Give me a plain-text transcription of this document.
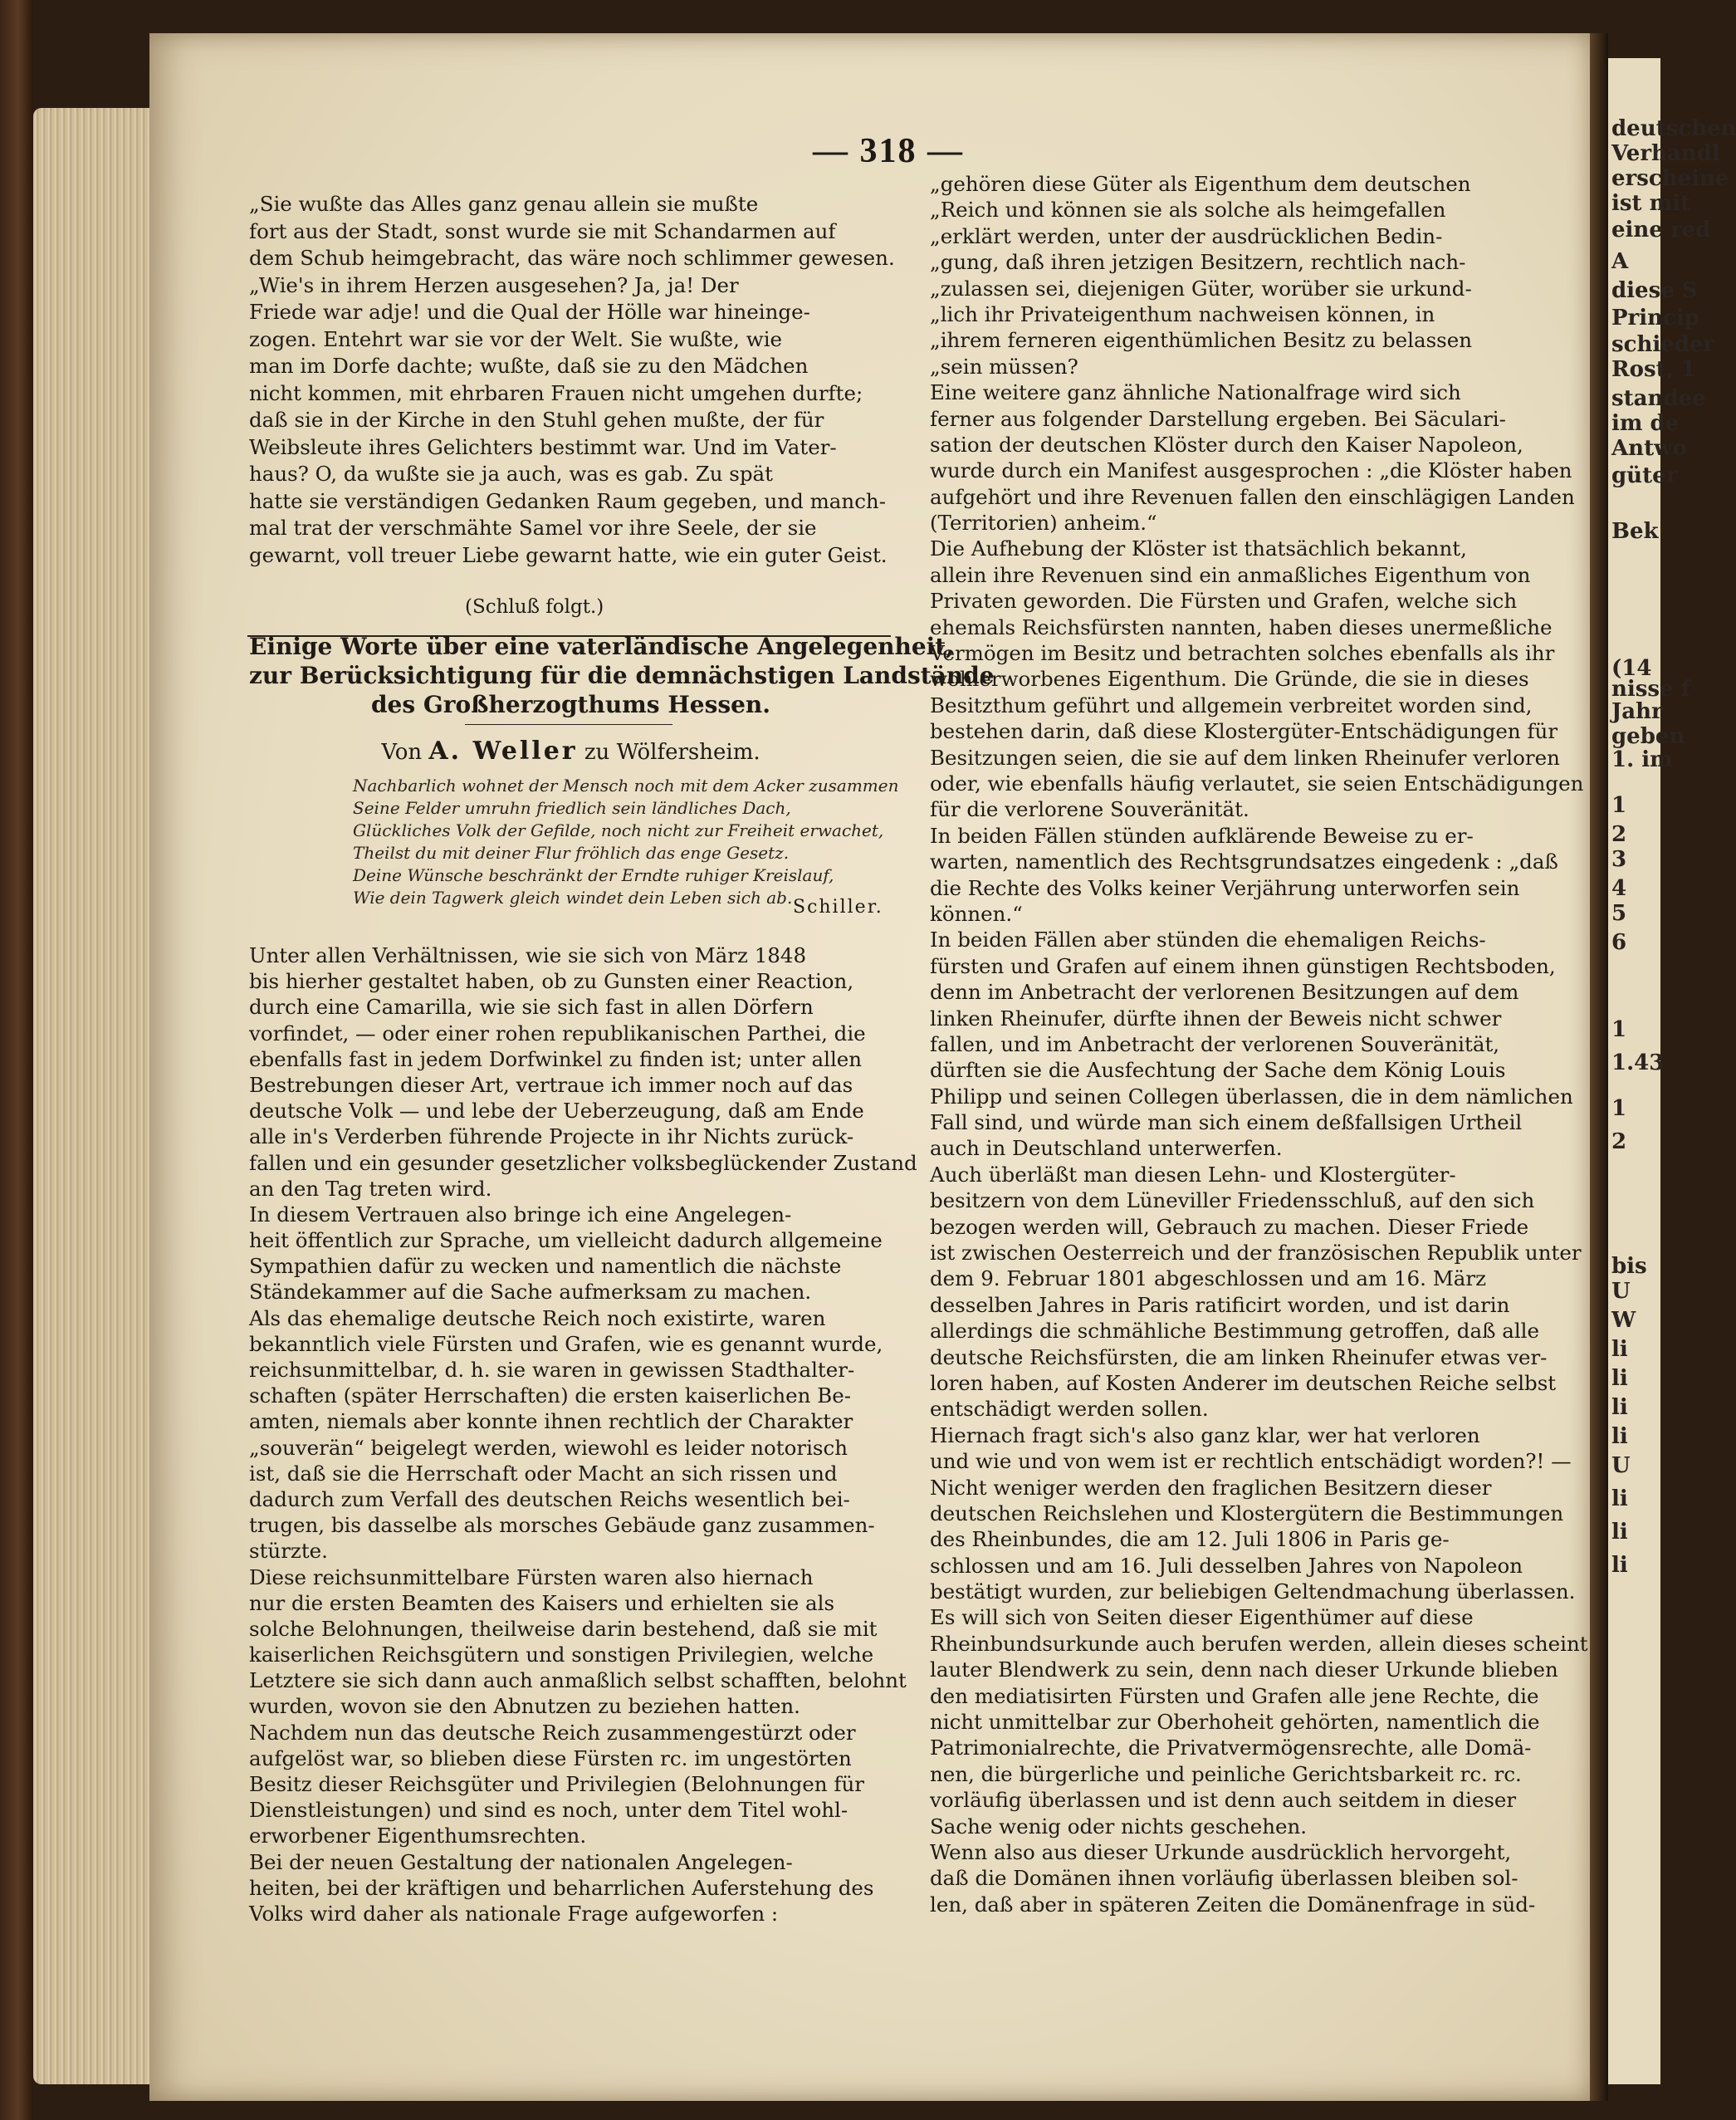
deutschen
Verhandl
erscheine
ist mit
eine red
A
diese S
Princip
schieder
Rost, 1
standee
im de
Antwo
güter
Bek
(14
nisse f
Jahr
geben
1. im
1
2
3
4
5
6
1
1.43
1
2
bis
U
W
li
li
li
li
U
li
li
li
— 318 —
„Sie wußte das Alles ganz genau allein sie mußte
fort aus der Stadt, sonst wurde sie mit Schandarmen auf
dem Schub heimgebracht, das wäre noch schlimmer gewesen.
„Wie's in ihrem Herzen ausgesehen? Ja, ja! Der
Friede war adje! und die Qual der Hölle war hineinge-
zogen. Entehrt war sie vor der Welt. Sie wußte, wie
man im Dorfe dachte; wußte, daß sie zu den Mädchen
nicht kommen, mit ehrbaren Frauen nicht umgehen durfte;
daß sie in der Kirche in den Stuhl gehen mußte, der für
Weibsleute ihres Gelichters bestimmt war. Und im Vater-
haus? O, da wußte sie ja auch, was es gab. Zu spät
hatte sie verständigen Gedanken Raum gegeben, und manch-
mal trat der verschmähte Samel vor ihre Seele, der sie
gewarnt, voll treuer Liebe gewarnt hatte, wie ein guter Geist.
(Schluß folgt.)
Einige Worte über eine vaterländische Angelegenheit,
zur Berücksichtigung für die demnächstigen Landstände
des Großherzogthums Hessen.
Von A. Weller zu Wölfersheim.
Nachbarlich wohnet der Mensch noch mit dem Acker zusammen
Seine Felder umruhn friedlich sein ländliches Dach,
Glückliches Volk der Gefilde, noch nicht zur Freiheit erwachet,
Theilst du mit deiner Flur fröhlich das enge Gesetz.
Deine Wünsche beschränkt der Erndte ruhiger Kreislauf,
Wie dein Tagwerk gleich windet dein Leben sich ab. Schiller.
Unter allen Verhältnissen, wie sie sich von März 1848
bis hierher gestaltet haben, ob zu Gunsten einer Reaction,
durch eine Camarilla, wie sie sich fast in allen Dörfern
vorfindet, — oder einer rohen republikanischen Parthei, die
ebenfalls fast in jedem Dorfwinkel zu finden ist; unter allen
Bestrebungen dieser Art, vertraue ich immer noch auf das
deutsche Volk — und lebe der Ueberzeugung, daß am Ende
alle in's Verderben führende Projecte in ihr Nichts zurück-
fallen und ein gesunder gesetzlicher volksbeglückender Zustand
an den Tag treten wird.
In diesem Vertrauen also bringe ich eine Angelegen-
heit öffentlich zur Sprache, um vielleicht dadurch allgemeine
Sympathien dafür zu wecken und namentlich die nächste
Ständekammer auf die Sache aufmerksam zu machen.
Als das ehemalige deutsche Reich noch existirte, waren
bekanntlich viele Fürsten und Grafen, wie es genannt wurde,
reichsunmittelbar, d. h. sie waren in gewissen Stadthalter-
schaften (später Herrschaften) die ersten kaiserlichen Be-
amten, niemals aber konnte ihnen rechtlich der Charakter
„souverän“ beigelegt werden, wiewohl es leider notorisch
ist, daß sie die Herrschaft oder Macht an sich rissen und
dadurch zum Verfall des deutschen Reichs wesentlich bei-
trugen, bis dasselbe als morsches Gebäude ganz zusammen-
stürzte.
Diese reichsunmittelbare Fürsten waren also hiernach
nur die ersten Beamten des Kaisers und erhielten sie als
solche Belohnungen, theilweise darin bestehend, daß sie mit
kaiserlichen Reichsgütern und sonstigen Privilegien, welche
Letztere sie sich dann auch anmaßlich selbst schafften, belohnt
wurden, wovon sie den Abnutzen zu beziehen hatten.
Nachdem nun das deutsche Reich zusammengestürzt oder
aufgelöst war, so blieben diese Fürsten rc. im ungestörten
Besitz dieser Reichsgüter und Privilegien (Belohnungen für
Dienstleistungen) und sind es noch, unter dem Titel wohl-
erworbener Eigenthumsrechten.
Bei der neuen Gestaltung der nationalen Angelegen-
heiten, bei der kräftigen und beharrlichen Auferstehung des
Volks wird daher als nationale Frage aufgeworfen :
„gehören diese Güter als Eigenthum dem deutschen
„Reich und können sie als solche als heimgefallen
„erklärt werden, unter der ausdrücklichen Bedin-
„gung, daß ihren jetzigen Besitzern, rechtlich nach-
„zulassen sei, diejenigen Güter, worüber sie urkund-
„lich ihr Privateigenthum nachweisen können, in
„ihrem ferneren eigenthümlichen Besitz zu belassen
„sein müssen?
Eine weitere ganz ähnliche Nationalfrage wird sich
ferner aus folgender Darstellung ergeben. Bei Säculari-
sation der deutschen Klöster durch den Kaiser Napoleon,
wurde durch ein Manifest ausgesprochen : „die Klöster haben
aufgehört und ihre Revenuen fallen den einschlägigen Landen
(Territorien) anheim.“
Die Aufhebung der Klöster ist thatsächlich bekannt,
allein ihre Revenuen sind ein anmaßliches Eigenthum von
Privaten geworden. Die Fürsten und Grafen, welche sich
ehemals Reichsfürsten nannten, haben dieses unermeßliche
Vermögen im Besitz und betrachten solches ebenfalls als ihr
wohlerworbenes Eigenthum. Die Gründe, die sie in dieses
Besitzthum geführt und allgemein verbreitet worden sind,
bestehen darin, daß diese Klostergüter-Entschädigungen für
Besitzungen seien, die sie auf dem linken Rheinufer verloren
oder, wie ebenfalls häufig verlautet, sie seien Entschädigungen
für die verlorene Souveränität.
In beiden Fällen stünden aufklärende Beweise zu er-
warten, namentlich des Rechtsgrundsatzes eingedenk : „daß
die Rechte des Volks keiner Verjährung unterworfen sein
können.“
In beiden Fällen aber stünden die ehemaligen Reichs-
fürsten und Grafen auf einem ihnen günstigen Rechtsboden,
denn im Anbetracht der verlorenen Besitzungen auf dem
linken Rheinufer, dürfte ihnen der Beweis nicht schwer
fallen, und im Anbetracht der verlorenen Souveränität,
dürften sie die Ausfechtung der Sache dem König Louis
Philipp und seinen Collegen überlassen, die in dem nämlichen
Fall sind, und würde man sich einem deßfallsigen Urtheil
auch in Deutschland unterwerfen.
Auch überläßt man diesen Lehn- und Klostergüter-
besitzern von dem Lüneviller Friedensschluß, auf den sich
bezogen werden will, Gebrauch zu machen. Dieser Friede
ist zwischen Oesterreich und der französischen Republik unter
dem 9. Februar 1801 abgeschlossen und am 16. März
desselben Jahres in Paris ratificirt worden, und ist darin
allerdings die schmähliche Bestimmung getroffen, daß alle
deutsche Reichsfürsten, die am linken Rheinufer etwas ver-
loren haben, auf Kosten Anderer im deutschen Reiche selbst
entschädigt werden sollen.
Hiernach fragt sich's also ganz klar, wer hat verloren
und wie und von wem ist er rechtlich entschädigt worden?! —
Nicht weniger werden den fraglichen Besitzern dieser
deutschen Reichslehen und Klostergütern die Bestimmungen
des Rheinbundes, die am 12. Juli 1806 in Paris ge-
schlossen und am 16. Juli desselben Jahres von Napoleon
bestätigt wurden, zur beliebigen Geltendmachung überlassen.
Es will sich von Seiten dieser Eigenthümer auf diese
Rheinbundsurkunde auch berufen werden, allein dieses scheint
lauter Blendwerk zu sein, denn nach dieser Urkunde blieben
den mediatisirten Fürsten und Grafen alle jene Rechte, die
nicht unmittelbar zur Oberhoheit gehörten, namentlich die
Patrimonialrechte, die Privatvermögensrechte, alle Domä-
nen, die bürgerliche und peinliche Gerichtsbarkeit rc. rc.
vorläufig überlassen und ist denn auch seitdem in dieser
Sache wenig oder nichts geschehen.
Wenn also aus dieser Urkunde ausdrücklich hervorgeht,
daß die Domänen ihnen vorläufig überlassen bleiben sol-
len, daß aber in späteren Zeiten die Domänenfrage in süd-
